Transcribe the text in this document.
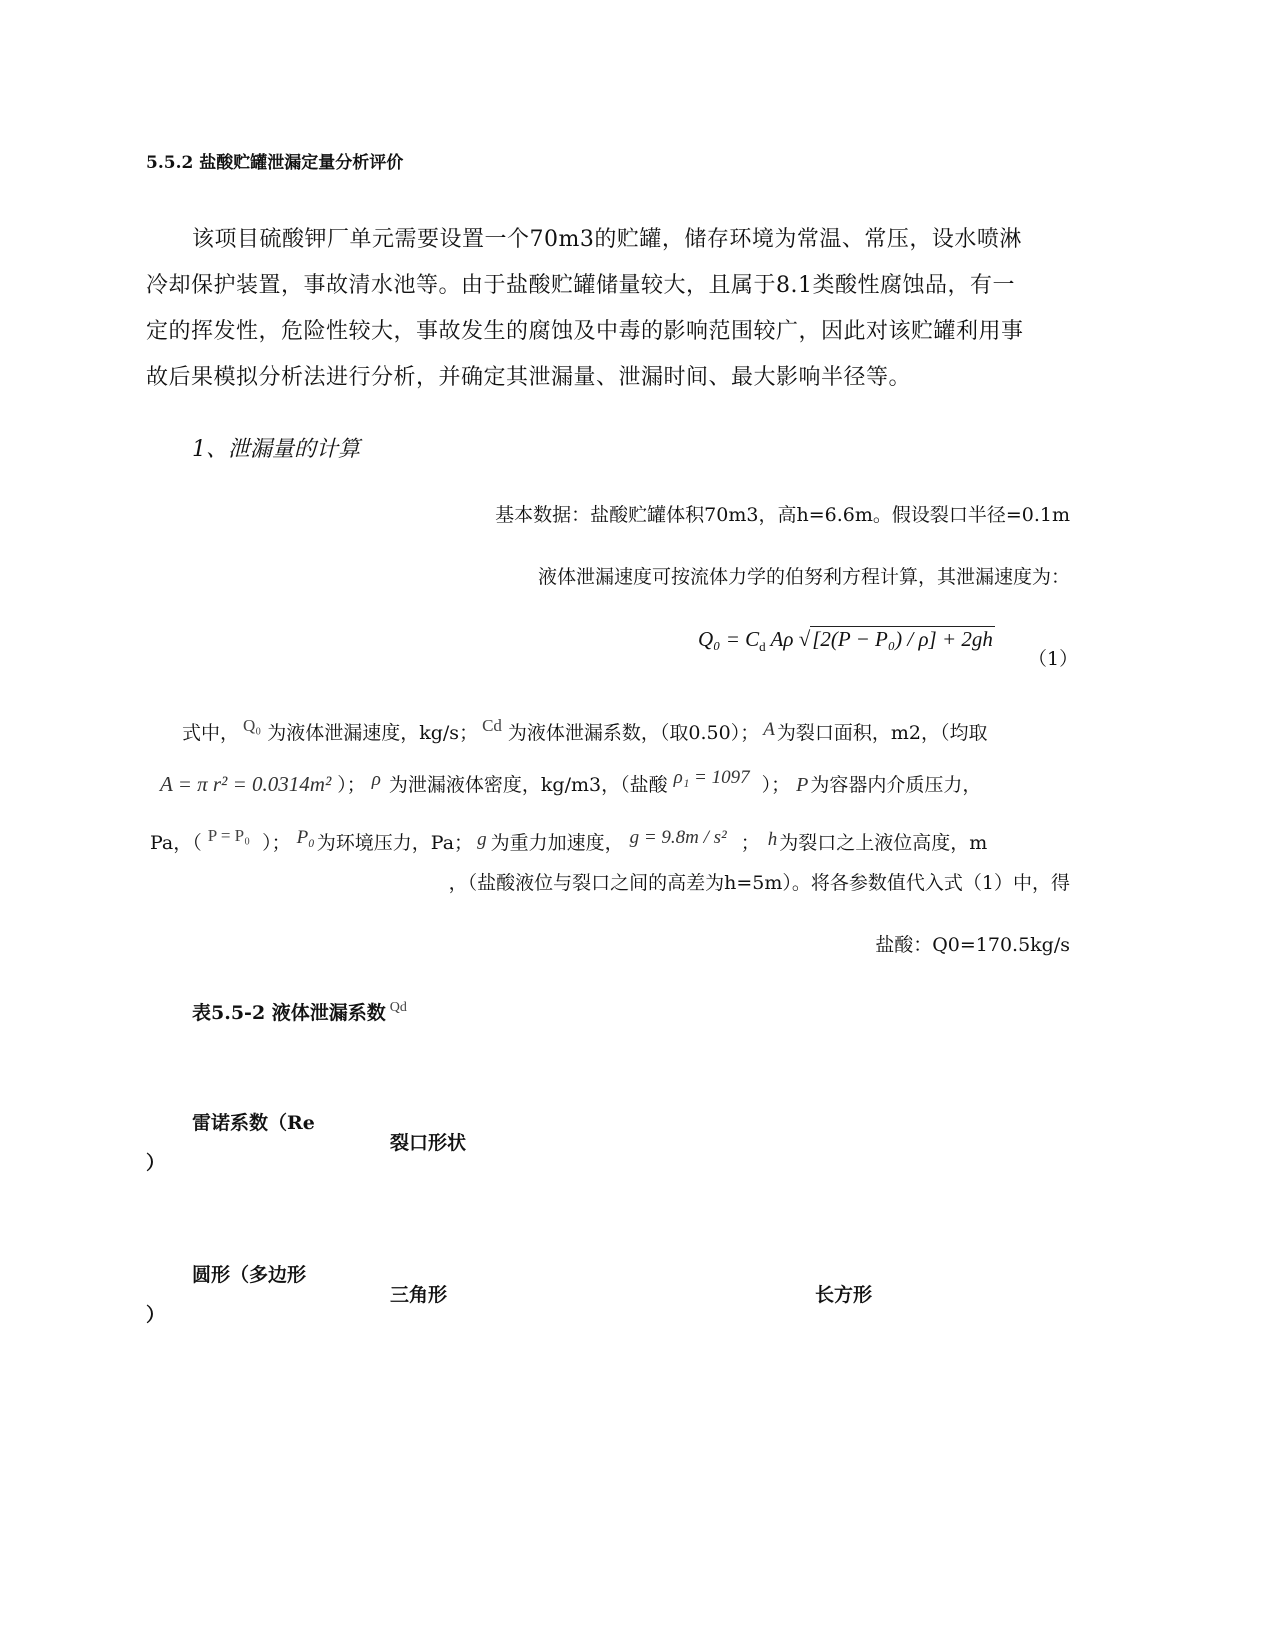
5.5.2 盐酸贮罐泄漏定量分析评价
该项目硫酸钾厂单元需要设置一个70m3的贮罐，储存环境为常温、常压，设水喷淋
冷却保护装置，事故清水池等。由于盐酸贮罐储量较大，且属于8.1类酸性腐蚀品，有一
定的挥发性，危险性较大，事故发生的腐蚀及中毒的影响范围较广，因此对该贮罐利用事
故后果模拟分析法进行分析，并确定其泄漏量、泄漏时间、最大影响半径等。
1、泄漏量的计算
基本数据：盐酸贮罐体积70m3，高h=6.6m。假设裂口半径=0.1m
液体泄漏速度可按流体力学的伯努利方程计算，其泄漏速度为：
$Q_0 = C_d$ Aρ √[2(P − P₀) / ρ] + 2gh
（1）
式中， Q₀ 为液体泄漏速度，kg/s； Cd 为液体泄漏系数，（取0.50）； A 为裂口面积，m2，（均取
A = π r² = 0.0314m² ）； ρ 为泄漏液体密度，kg/m3，（盐酸 ρ₁ = 1097 ）； P 为容器内介质压力，
Pa，（ P = P₀ ）； P₀ 为环境压力，Pa； g 为重力加速度， g = 9.8m / s² ； h 为裂口之上液位高度，m
，（盐酸液位与裂口之间的高差为h=5m）。将各参数值代入式（1）中，得
盐酸：Q0=170.5kg/s
表5.5-2 液体泄漏系数 $^{Qd}$
雷诺系数（Re
）
裂口形状
圆形（多边形
）
三角形	长方形
